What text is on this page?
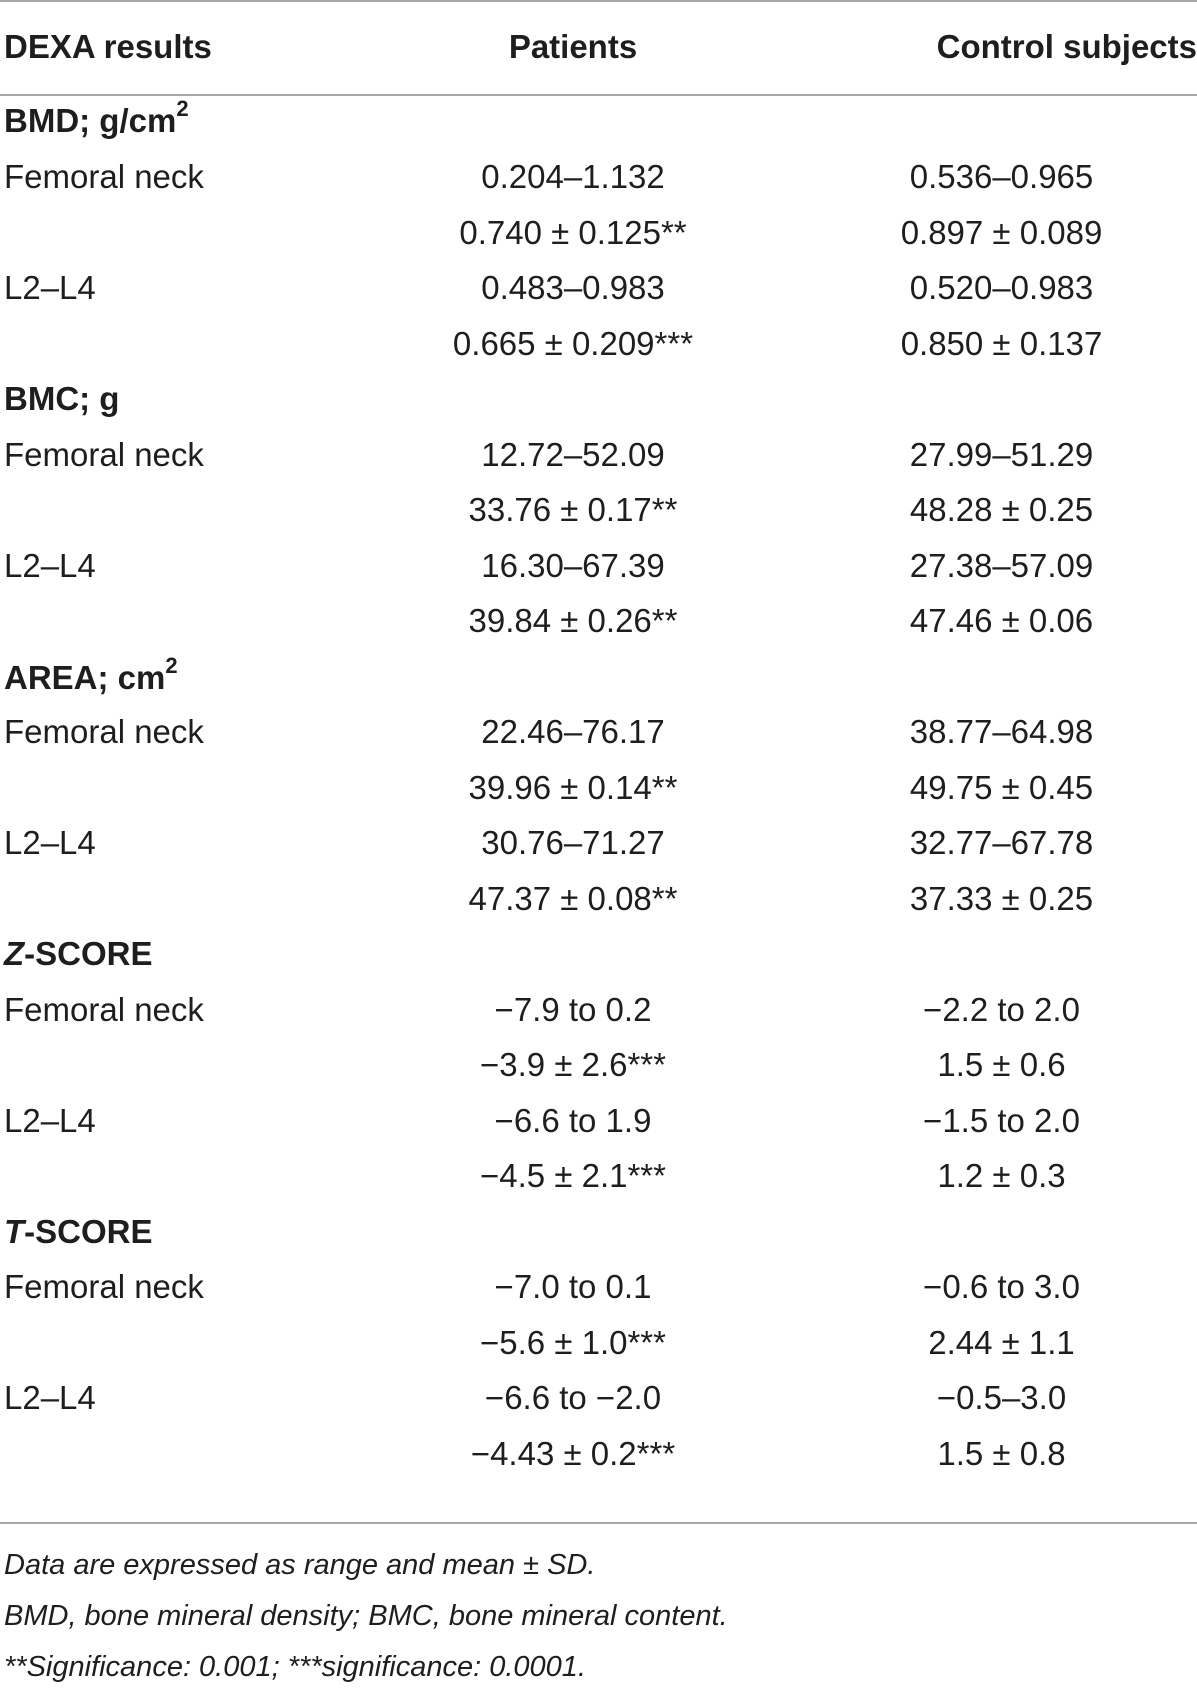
DEXA results	Patients	Control subjects
BMD; $g/cm^2$		
Femoral neck	0.204–1.132	0.536–0.965
	0.740 ± 0.125**	0.897 ± 0.089
L2–L4	0.483–0.983	0.520–0.983
	0.665 ± 0.209***	0.850 ± 0.137
BMC; g		
Femoral neck	12.72–52.09	27.99–51.29
	33.76 ± 0.17**	48.28 ± 0.25
L2–L4	16.30–67.39	27.38–57.09
	39.84 ± 0.26**	47.46 ± 0.06
AREA; $cm^2$		
Femoral neck	22.46–76.17	38.77–64.98
	39.96 ± 0.14**	49.75 ± 0.45
L2–L4	30.76–71.27	32.77–67.78
	47.37 ± 0.08**	37.33 ± 0.25
Z-SCORE		
Femoral neck	−7.9 to 0.2	−2.2 to 2.0
	−3.9 ± 2.6***	1.5 ± 0.6
L2–L4	−6.6 to 1.9	−1.5 to 2.0
	−4.5 ± 2.1***	1.2 ± 0.3
T-SCORE		
Femoral neck	−7.0 to 0.1	−0.6 to 3.0
	−5.6 ± 1.0***	2.44 ± 1.1
L2–L4	−6.6 to −2.0	−0.5–3.0
	−4.43 ± 0.2***	1.5 ± 0.8
Data are expressed as range and mean ± SD.
BMD, bone mineral density; BMC, bone mineral content.
**Significance: 0.001; ***significance: 0.0001.
